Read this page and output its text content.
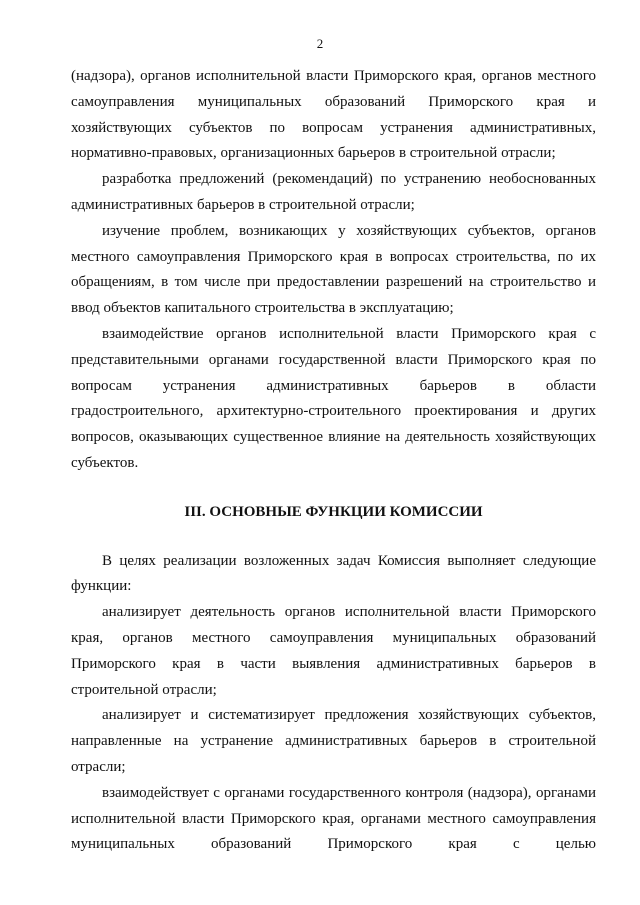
2

(надзора), органов исполнительной власти Приморского края, органов местного самоуправления муниципальных образований Приморского края и хозяйствующих субъектов по вопросам устранения административных, нормативно-правовых, организационных барьеров в строительной отрасли;

разработка предложений (рекомендаций) по устранению необоснованных административных барьеров в строительной отрасли;

изучение проблем, возникающих у хозяйствующих субъектов, органов местного самоуправления Приморского края в вопросах строительства, по их обращениям, в том числе при предоставлении разрешений на строительство и ввод объектов капитального строительства в эксплуатацию;

взаимодействие органов исполнительной власти Приморского края с представительными органами государственной власти Приморского края по вопросам устранения административных барьеров в области градостроительного, архитектурно-строительного проектирования и других вопросов, оказывающих существенное влияние на деятельность хозяйствующих субъектов.

III. ОСНОВНЫЕ ФУНКЦИИ КОМИССИИ

В целях реализации возложенных задач Комиссия выполняет следующие функции:

анализирует деятельность органов исполнительной власти Приморского края, органов местного самоуправления муниципальных образований Приморского края в части выявления административных барьеров в строительной отрасли;

анализирует и систематизирует предложения хозяйствующих субъектов, направленные на устранение административных барьеров в строительной отрасли;

взаимодействует с органами государственного контроля (надзора), органами исполнительной власти Приморского края, органами местного самоуправления муниципальных образований Приморского края с целью
